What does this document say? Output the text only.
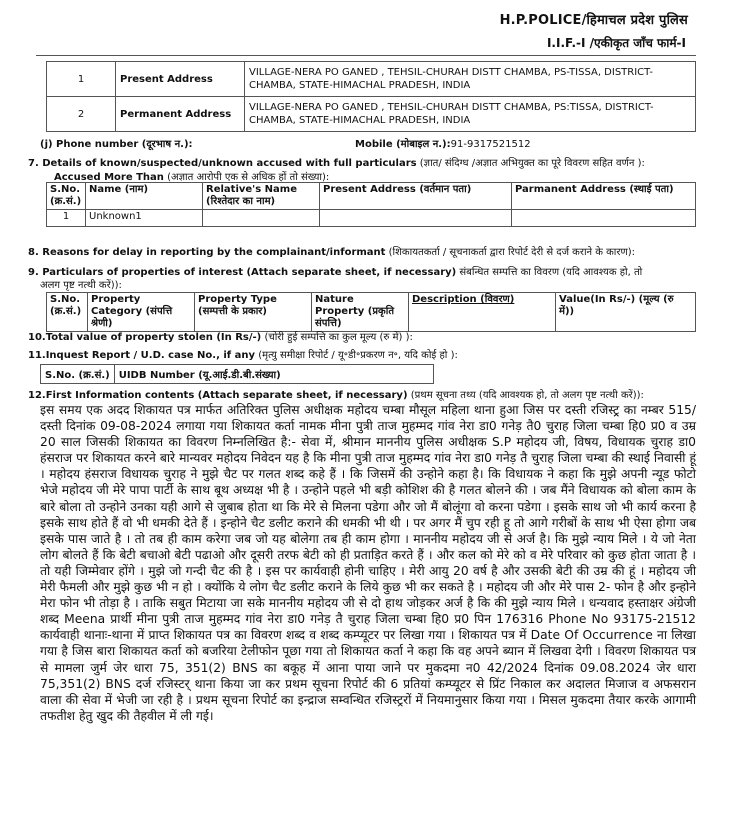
H.P.POLICE/हिमाचल प्रदेश पुलिस
I.I.F.-I /एकीकृत जाँच फार्म-I
1	Present Address	VILLAGE-NERA PO GANED , TEHSIL-CHURAH DISTT CHAMBA, PS-TISSA, DISTRICT-CHAMBA, STATE-HIMACHAL PRADESH, INDIA
2	Permanent Address	VILLAGE-NERA PO GANED , TEHSIL-CHURAH DISTT CHAMBA, PS:TISSA, DISTRICT-CHAMBA, STATE-HIMACHAL PRADESH, INDIA
(j) Phone number (दूरभाष न.):	Mobile (मोबाइल न.):91-9317521512
7. Details of known/suspected/unknown accused with full particulars (ज्ञात/ संदिग्ध /अज्ञात अभियुक्त का पूरे विवरण सहित वर्णन ):
Accused More Than (अज्ञात आरोपी एक से अधिक हों तो संख्या):
S.No. (क्र.सं.)	Name (नाम)	Relative's Name (रिश्तेदार का नाम)	Present Address (वर्तमान पता)	Parmanent Address (स्थाई पता)
1	Unknown1			
8. Reasons for delay in reporting by the complainant/informant (शिकायतकर्ता / सूचनाकर्ता द्वारा रिपोर्ट देरी से दर्ज कराने के कारण):
9. Particulars of properties of interest (Attach separate sheet, if necessary) संबन्धित सम्पत्ति का विवरण (यदि आवश्यक हो, तो
अलग पृष्ट नत्थी करें)):
S.No. (क्र.सं.)	Property Category (संपत्ति श्रेणी)	Property Type (सम्पत्ती के प्रकार)	Nature Property (प्रकृति संपत्ति)	Description (विवरण)	Value(In Rs/-) (मूल्य (रु में))
10.Total value of property stolen (In Rs/-) (चोरी हुई सम्पत्ति का कुल मूल्य (रु में) ):
11.Inquest Report / U.D. case No., if any (मृत्यु समीक्षा रिपोर्ट / यू॰डी॰प्रकरण न॰, यदि कोई हो ):
S.No. (क्र.सं.)	UIDB Number (यू.आई.डी.बी.संख्या)
12.First Information contents (Attach separate sheet, if necessary) (प्रथम सूचना तथ्य (यदि आवश्यक हो, तो अलग पृष्ट नत्थी करें)):

इस समय एक अदद शिकायत पत्र मार्फत अतिरिक्त पुलिस अधीक्षक महोदय चम्बा मौसूल महिला थाना हुआ जिस पर दस्ती रजिस्ट्र्र का नम्बर 515/दस्ती दिनांक 09-08-2024 लगाया गया शिकायत कर्ता नामक मीना पुत्री ताज मुहम्मद गांव नेरा डा0 गनेड़ तै0 चुराह जिला चम्बा हि0 प्र0 व उम्र 20 साल जिसकी शिकायत का विवरण निम्नलिखित है:- सेवा में, श्रीमान माननीय पुलिस अधीक्षक S.P महोदय जी, विषय, विधायक चुराह डा0 हंसराज पर शिकायत करने बारे मान्यवर महोदय निवेदन यह है कि मीना पुत्री ताज मुहम्मद गांव नेरा डा0 गनेड़ तै चुराह जिला चम्बा की स्थाई निवासी हूं । महोदय हंसराज विधायक चुराह ने मुझे चैट पर गलत शब्द कहे हैं । कि जिसमें की उन्होने कहा है। कि विधायक ने कहा कि मुझे अपनी न्यूड फोटो भेजे महोदय जी मेरे पापा पार्टी के साथ बूथ अध्यक्ष भी है । उन्होने पहले भी बड़ी कोशिश की है गलत बोलने की । जब मैंने विधायक को बोला काम के बारे बोला तो उन्होने उनका यही आगे से जुबाब होता था कि मेरे से मिलना पडेगा और जो मैं बोलूंगा वो करना पडेगा । इसके साथ जो भी कार्य करना है इसके साथ होते हैं वो भी धमकी देते हैं । इन्होने चैट डलीट कराने की धमकी भी थी । पर अगर मैं चुप रही हू तो आगे गरीबों के साथ भी ऐसा होगा जब इसके पास जाते है । तो तब ही काम करेगा जब जो यह बोलेगा तब ही काम होगा । माननीय महोदय जी से अर्ज है। कि मुझे न्याय मिले । ये जो नेता लोग बोलते हैं कि बेटी बचाओ बेटी पढाओ और दूसरी तरफ बेटी को ही प्रताड़ित करते हैं । और कल को मेरे को व मेरे परिवार को कुछ होता जाता है । तो यही जिम्मेवार होंगे । मुझे जो गन्दी चैट की है । इस पर कार्यवाही होनी चाहिए । मेरी आयु 20 वर्ष है और उसकी बेटी की उम्र की हूं । महोदय जी मेरी फैमली और मुझे कुछ भी न हो । क्योंकि ये लोग चैट डलीट कराने के लिये कुछ भी कर सकते है । महोदय जी और मेरे पास 2- फोन है और इन्होने मेरा फोन भी तोड़ा है । ताकि सबुत मिटाया जा सके माननीय महोदय जी से दो हाथ जोड़कर अर्ज है कि की मुझे न्याय मिले । धन्यवाद हस्ताक्षर अंग्रेजी शब्द Meena प्रार्थी मीना पुत्री ताज मुहम्मद गांव नेरा डा0 गनेड़ तै चुराह जिला चम्बा हि0 प्र0 पिन 176316 Phone No 93175-21512 कार्यवाही थानाः-थाना में प्राप्त शिकायत पत्र का विवरण शब्द व शब्द कम्प्यूटर पर लिखा गया । शिकायत पत्र में Date Of Occurrence ना लिखा गया है जिस बारा शिकायत कर्ता को बजरिया टेलीफोन पूछा गया तो शिकायत कर्ता ने कहा कि वह अपने ब्यान में लिखवा देगी । विवरण शिकायत पत्र से मामला जुर्म जेर धारा 75, 351(2) BNS का बकूह में आना पाया जाने पर मुकदमा न0 42/2024 दिनांक 09.08.2024 जेर धारा 75,351(2) BNS दर्ज रजिस्टर् थाना किया जा कर प्रथम सूचना रिपोर्ट की 6 प्रतियां कम्प्यूटर से प्रिंट निकाल कर अदालत मिजाज व अफसरान वाला की सेवा में भेजी जा रही है । प्रथम सूचना रिपोर्ट का इन्द्राज सम्वन्धित रजिस्ट्ररों में नियमानुसार किया गया । मिसल मुकदमा तैयार करके आगामी तफतीश हेतु खुद की तैहवील में ली गई।
